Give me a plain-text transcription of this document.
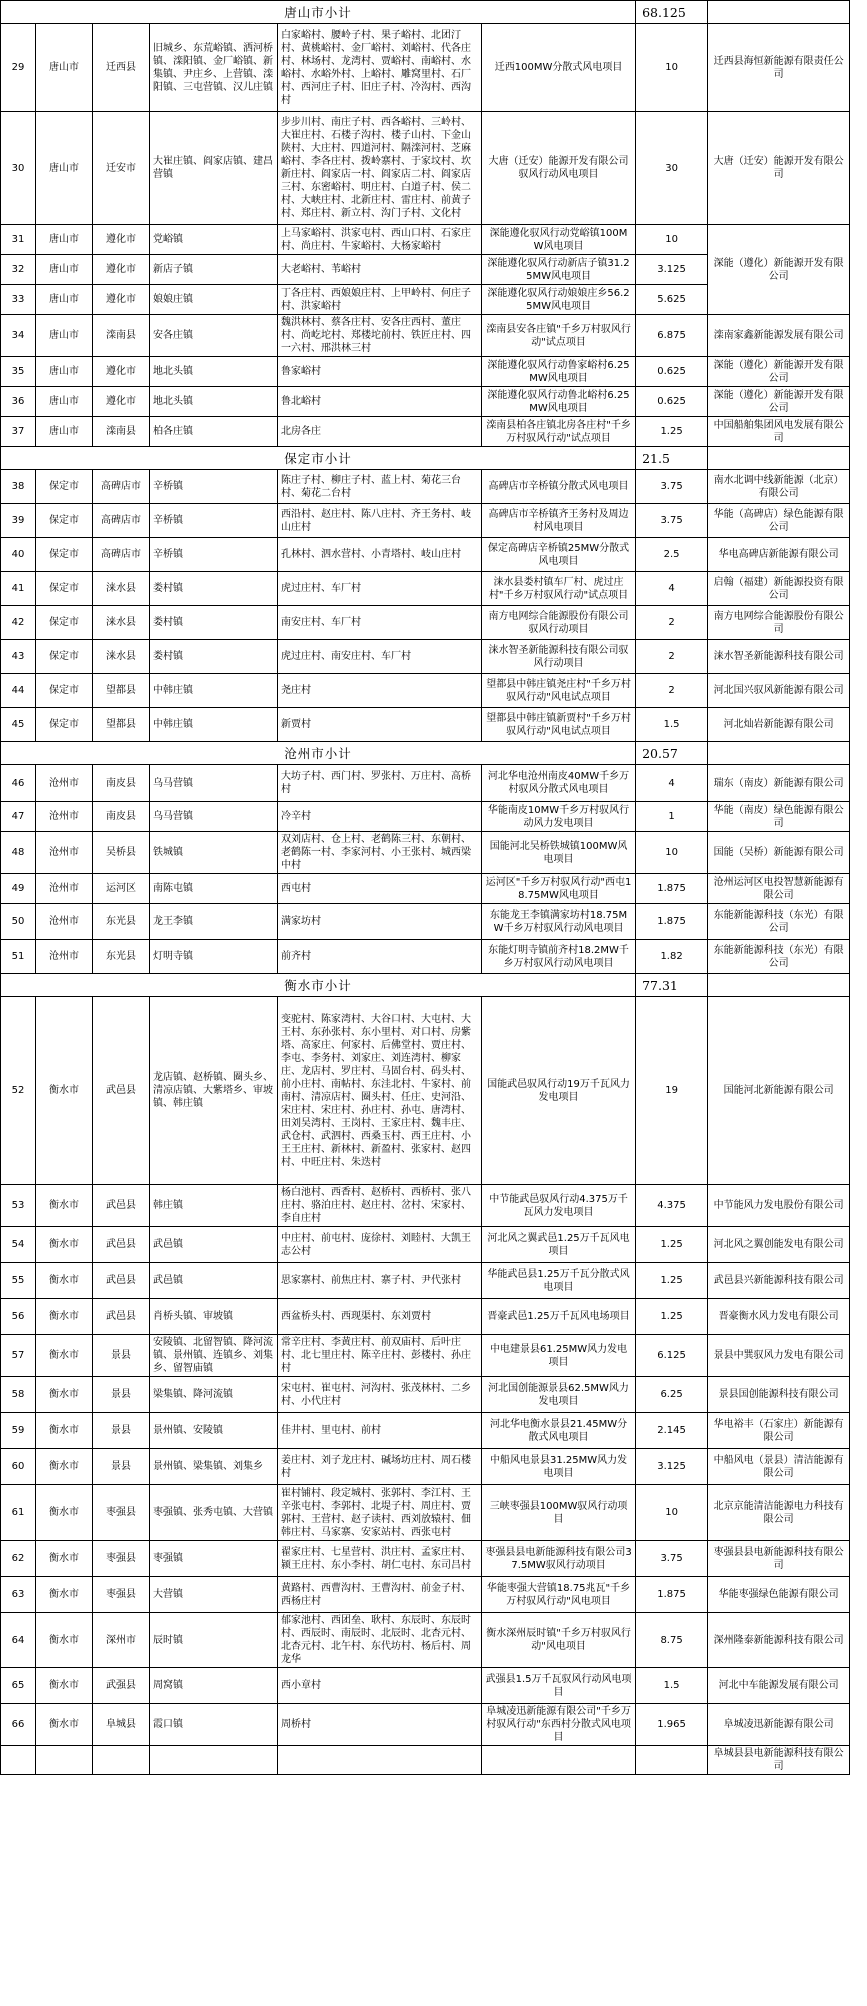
唐山市小计						68.125	
29	唐山市	迁西县	旧城乡、东荒峪镇、洒河桥镇、滦阳镇、金厂峪镇、新集镇、尹庄乡、上营镇、滦阳镇、三屯营镇、汉儿庄镇	白家峪村、腰岭子村、果子峪村、北团汀村、黄桃峪村、金厂峪村、刘峪村、代各庄村、林场村、龙湾村、贾峪村、南峪村、水峪村、水峪外村、上峪村、雕窝里村、石厂村、西河庄子村、旧庄子村、冷沟村、西沟村	迁西100MW分散式风电项目	10	迁西县海恒新能源有限责任公司
30	唐山市	迁安市	大崔庄镇、阎家店镇、建昌营镇	步步川村、南庄子村、西各峪村、三岭村、大崔庄村、石楼子沟村、楼子山村、下金山陕村、大庄村、四道河村、隔滦河村、芝麻峪村、李各庄村、拨岭寨村、于家坟村、坎新庄村、阎家店一村、阎家店二村、阎家店三村、东密峪村、明庄村、白道子村、侯二村、大峡庄村、北新庄村、雷庄村、前黄子村、郑庄村、新立村、沟门子村、文化村	大唐（迁安）能源开发有限公司驭风行动风电项目	30	大唐（迁安）能源开发有限公司
31	唐山市	遵化市	党峪镇	上马家峪村、洪家屯村、西山口村、石家庄村、尚庄村、牛家峪村、大杨家峪村	深能遵化驭风行动党峪镇100MW风电项目	10	深能（遵化）新能源开发有限公司
32	唐山市	遵化市	新店子镇	大老峪村、苇峪村	深能遵化驭风行动新店子镇31.25MW风电项目	3.125	
33	唐山市	遵化市	娘娘庄镇	丁各庄村、西娘娘庄村、上甲岭村、何庄子村、洪家峪村	深能遵化驭风行动娘娘庄乡56.25MW风电项目	5.625	
34	唐山市	滦南县	安各庄镇	魏洪林村、蔡各庄村、安各庄西村、董庄村、尚屹坨村、郑楼坨前村、铁匠庄村、四一六村、邢洪林三村	滦南县安各庄镇"千乡万村驭风行动"试点项目	6.875	滦南家鑫新能源发展有限公司
35	唐山市	遵化市	地北头镇	鲁家峪村	深能遵化驭风行动鲁家峪村6.25MW风电项目	0.625	深能（遵化）新能源开发有限公司
36	唐山市	遵化市	地北头镇	鲁北峪村	深能遵化驭风行动鲁北峪村6.25MW风电项目	0.625	深能（遵化）新能源开发有限公司
37	唐山市	滦南县	柏各庄镇	北房各庄	滦南县柏各庄镇北房各庄村"千乡万村驭风行动"试点项目	1.25	中国船舶集团风电发展有限公司
保定市小计						21.5	
38	保定市	高碑店市	辛桥镇	陈庄子村、柳庄子村、蓝上村、菊花三台村、菊花二台村	高碑店市辛桥镇分散式风电项目	3.75	南水北调中线新能源（北京）有限公司
39	保定市	高碑店市	辛桥镇	西沿村、赵庄村、陈八庄村、齐王务村、岐山庄村	高碑店市辛桥镇齐王务村及周边村风电项目	3.75	华能（高碑店）绿色能源有限公司
40	保定市	高碑店市	辛桥镇	孔林村、泗水营村、小青塔村、岐山庄村	保定高碑店辛桥镇25MW分散式风电项目	2.5	华电高碑店新能源有限公司
41	保定市	涞水县	娄村镇	虎过庄村、车厂村	涞水县娄村镇车厂村、虎过庄村"千乡万村驭风行动"试点项目	4	启翰（福建）新能源投资有限公司
42	保定市	涞水县	娄村镇	南安庄村、车厂村	南方电网综合能源股份有限公司驭风行动项目	2	南方电网综合能源股份有限公司
43	保定市	涞水县	娄村镇	虎过庄村、南安庄村、车厂村	涞水智圣新能源科技有限公司驭风行动项目	2	涞水智圣新能源科技有限公司
44	保定市	望都县	中韩庄镇	尧庄村	望都县中韩庄镇尧庄村"千乡万村驭风行动"风电试点项目	2	河北国兴驭风新能源有限公司
45	保定市	望都县	中韩庄镇	新贾村	望都县中韩庄镇新贾村"千乡万村驭风行动"风电试点项目	1.5	河北灿岩新能源有限公司
沧州市小计						20.57	
46	沧州市	南皮县	乌马营镇	大坊子村、西门村、罗张村、万庄村、高桥村	河北华电沧州南皮40MW千乡万村驭风分散式风电项目	4	瑞东（南皮）新能源有限公司
47	沧州市	南皮县	乌马营镇	冷辛村	华能南皮10MW千乡万村驭风行动风力发电项目	1	华能（南皮）绿色能源有限公司
48	沧州市	吴桥县	铁城镇	双刘店村、仓上村、老鹤陈三村、东朝村、老鹤陈一村、李家河村、小王张村、城西梁中村	国能河北吴桥铁城镇100MW风电项目	10	国能（吴桥）新能源有限公司
49	沧州市	运河区	南陈屯镇	西屯村	运河区"千乡万村驭风行动"西屯18.75MW风电项目	1.875	沧州运河区电投智慧新能源有限公司
50	沧州市	东光县	龙王李镇	满家坊村	东能龙王李镇满家坊村18.75MW千乡万村驭风行动风电项目	1.875	东能新能源科技（东光）有限公司
51	沧州市	东光县	灯明寺镇	前齐村	东能灯明寺镇前齐村18.2MW千乡万村驭风行动风电项目	1.82	东能新能源科技（东光）有限公司
衡水市小计						77.31	
52	衡水市	武邑县	龙店镇、赵桥镇、圈头乡、清凉店镇、大紫塔乡、审坡镇、韩庄镇	变驼村、陈家湾村、大谷口村、大屯村、大王村、东孙张村、东小里村、对口村、房紫塔、高家庄、何家村、后佛堂村、贾庄村、李屯、李务村、刘家庄、刘连湾村、柳家庄、龙店村、罗庄村、马固台村、码头村、前小庄村、南帖村、东洼北村、牛家村、前南村、清凉店村、圈头村、任庄、史河沿、宋庄村、宋庄村、孙庄村、孙屯、唐湾村、田刘吴湾村、王岗村、王家庄村、魏丰庄、武仓村、武泗村、西桑玉村、西王庄村、小王王庄村、新林村、新盈村、张家村、赵四村、中旺庄村、朱迭村	国能武邑驭风行动19万千瓦风力发电项目	19	国能河北新能源有限公司
53	衡水市	武邑县	韩庄镇	杨白池村、西香村、赵桥村、西桥村、张八庄村、骆泊庄村、赵庄村、岔村、宋家村、李自庄村	中节能武邑驭风行动4.375万千瓦风力发电项目	4.375	中节能风力发电股份有限公司
54	衡水市	武邑县	武邑镇	中庄村、前屯村、庞徐村、刘睦村、大凯王志公村	河北风之翼武邑1.25万千瓦风电项目	1.25	河北风之翼创能发电有限公司
55	衡水市	武邑县	武邑镇	思家寨村、前焦庄村、寨子村、尹代张村	华能武邑县1.25万千瓦分散式风电项目	1.25	武邑县兴新能源科技有限公司
56	衡水市	武邑县	肖桥头镇、审坡镇	西盆桥头村、西现渠村、东刘贾村	晋豪武邑1.25万千瓦风电场项目	1.25	晋豪衡水风力发电有限公司
57	衡水市	景县	安陵镇、北留智镇、降河流镇、景州镇、连镇乡、刘集乡、留智庙镇	常辛庄村、李黄庄村、前双庙村、后叶庄村、北七里庄村、陈辛庄村、彭楼村、孙庄村	中电建景县61.25MW风力发电项目	6.125	景县中巽驭风力发电有限公司
58	衡水市	景县	梁集镇、降河流镇	宋屯村、崔屯村、河沟村、张茂林村、二乡村、小代庄村	河北国创能源景县62.5MW风力发电项目	6.25	景县国创能源科技有限公司
59	衡水市	景县	景州镇、安陵镇	佳井村、里屯村、前村	河北华电衡水景县21.45MW分散式风电项目	2.145	华电裕丰（石家庄）新能源有限公司
60	衡水市	景县	景州镇、梁集镇、刘集乡	姜庄村、刘子龙庄村、碱场坊庄村、周石楼村	中船风电景县31.25MW风力发电项目	3.125	中船风电（景县）清洁能源有限公司
61	衡水市	枣强县	枣强镇、张秀屯镇、大营镇	崔村铺村、段定城村、张郭村、李江村、王辛张屯村、李郭村、北堤子村、周庄村、贾郭村、王营村、赵子读村、西刘放辕村、佃韩庄村、马家寨、安家站村、西张屯村	三峡枣强县100MW驭风行动项目	10	北京京能清洁能源电力科技有限公司
62	衡水市	枣强县	枣强镇	翟家庄村、七星营村、洪庄村、孟家庄村、颍王庄村、东小李村、胡仁屯村、东司吕村	枣强县县电新能源科技有限公司37.5MW驭风行动项目	3.75	枣强县县电新能源科技有限公司
63	衡水市	枣强县	大营镇	黄路村、西曹沟村、王曹沟村、前金子村、西杨庄村	华能枣强大营镇18.75兆瓦"千乡万村驭风行动"风电项目	1.875	华能枣强绿色能源有限公司
64	衡水市	深州市	辰时镇	郁家池村、西团垒、耿村、东辰时、东辰时村、西辰时、南辰时、北辰时、北杏元村、北杏元村、北午村、东代坊村、杨后村、周龙华	衡水深州辰时镇"千乡万村驭风行动"风电项目	8.75	深州隆泰新能源科技有限公司
65	衡水市	武强县	周窝镇	西小章村	武强县1.5万千瓦驭风行动风电项目	1.5	河北中车能源发展有限公司
66	衡水市	阜城县	霞口镇	周桥村	阜城凌迅新能源有限公司"千乡万村驭风行动"东西村分散式风电项目	1.965	阜城凌迅新能源有限公司
							阜城县县电新能源科技有限公司
